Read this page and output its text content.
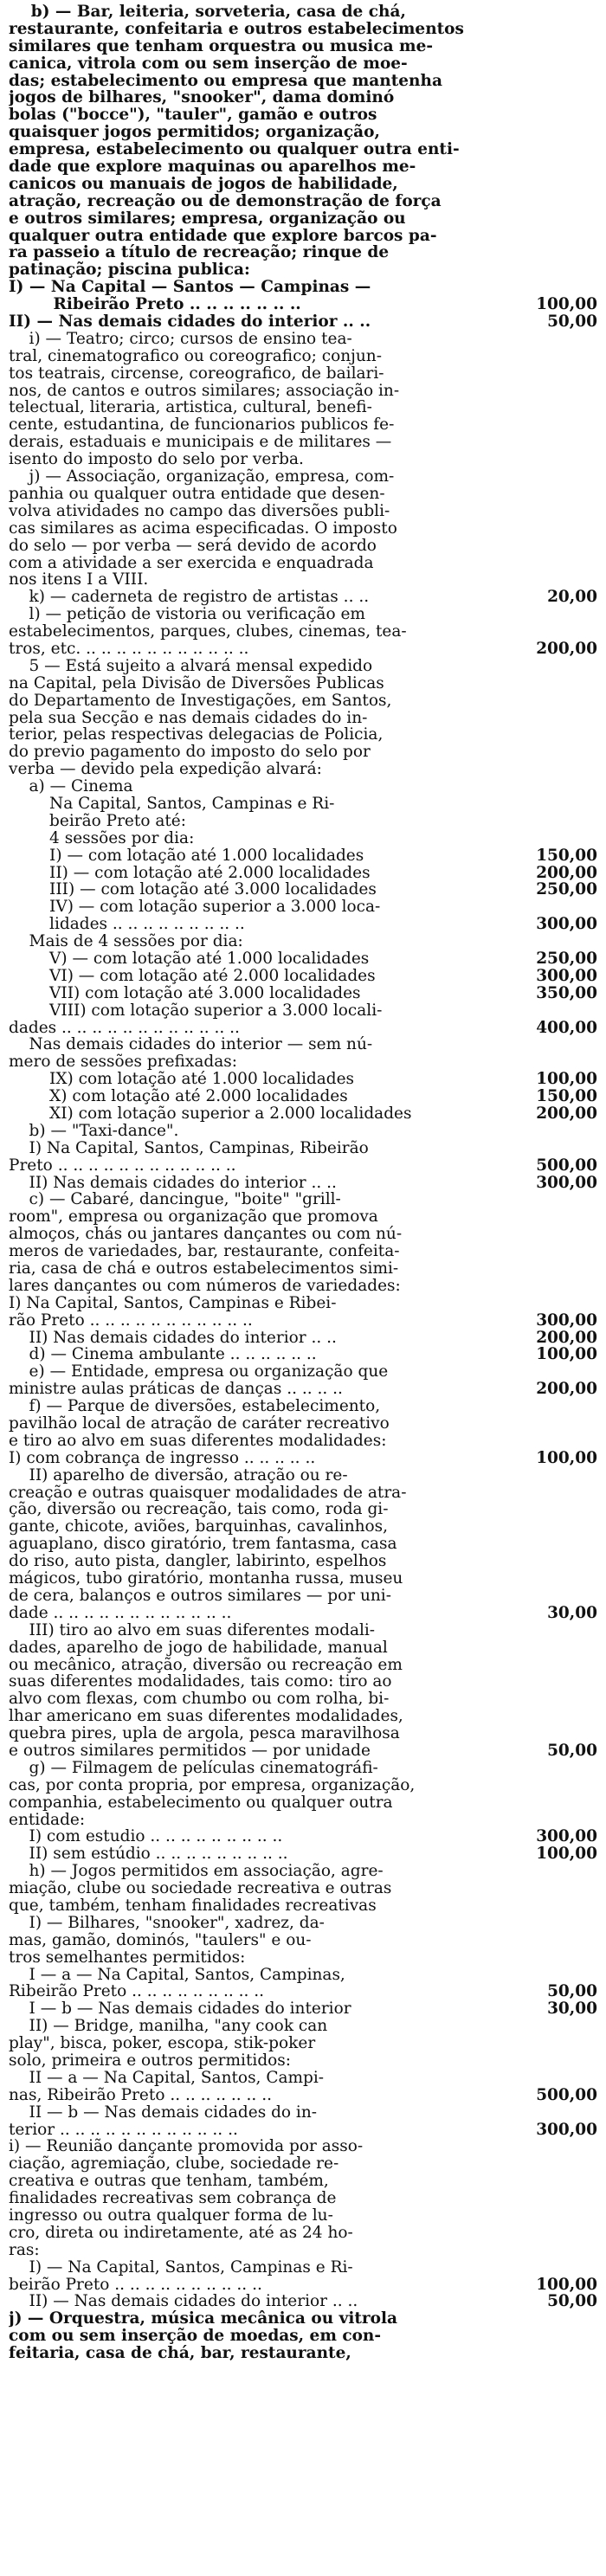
b) — Bar, leiteria, sorveteria, casa de chá,
restaurante, confeitaria e outros estabelecimentos
similares que tenham orquestra ou musica me-
canica, vitrola com ou sem inserção de moe-
das; estabelecimento ou empresa que mantenha
jogos de bilhares, "snooker", dama dominó
bolas ("bocce"), "tauler", gamão e outros
quaisquer jogos permitidos; organização,
empresa, estabelecimento ou qualquer outra enti-
dade que explore maquinas ou aparelhos me-
canicos ou manuais de jogos de habilidade,
atração, recreação ou de demonstração de força
e outros similares; empresa, organização ou
qualquer outra entidade que explore barcos pa-
ra passeio a título de recreação; rinque de
patinação; piscina publica:
I) — Na Capital — Santos — Campinas —
Ribeirão Preto .. .. .. .. .. .. ..	100,00
II) — Nas demais cidades do interior .. ..	50,00
i) — Teatro; circo; cursos de ensino tea-
tral, cinematografico ou coreografico; conjun-
tos teatrais, circense, coreografico, de bailari-
nos, de cantos e outros similares; associação in-
telectual, literaria, artistica, cultural, benefi-
cente, estudantina, de funcionarios publicos fe-
derais, estaduais e municipais e de militares —
isento do imposto do selo por verba.
j) — Associação, organização, empresa, com-
panhia ou qualquer outra entidade que desen-
volva atividades no campo das diversões publi-
cas similares as acima especificadas. O imposto
do selo — por verba — será devido de acordo
com a atividade a ser exercida e enquadrada
nos itens I a VIII.
k) — caderneta de registro de artistas .. ..	20,00
l) — petição de vistoria ou verificação em
estabelecimentos, parques, clubes, cinemas, tea-
tros, etc. .. .. .. .. .. .. .. .. .. .. ..	200,00
5 — Está sujeito a alvará mensal expedido
na Capital, pela Divisão de Diversões Publicas
do Departamento de Investigações, em Santos,
pela sua Secção e nas demais cidades do in-
terior, pelas respectivas delegacias de Policia,
do previo pagamento do imposto do selo por
verba — devido pela expedição alvará:
a) — Cinema
Na Capital, Santos, Campinas e Ri-
beirão Preto até:
4 sessões por dia:
I) — com lotação até 1.000 localidades	150,00
II) — com lotação até 2.000 localidades	200,00
III) — com lotação até 3.000 localidades	250,00
IV) — com lotação superior a 3.000 loca-
lidades .. .. .. .. .. .. .. .. ..	300,00
Mais de 4 sessões por dia:
V) — com lotação até 1.000 localidades	250,00
VI) — com lotação até 2.000 localidades	300,00
VII) com lotação até 3.000 localidades	350,00
VIII) com lotação superior a 3.000 locali-
dades .. .. .. .. .. .. .. .. .. .. .. ..	400,00
Nas demais cidades do interior — sem nú-
mero de sessões prefixadas:
IX) com lotação até 1.000 localidades	100,00
X) com lotação até 2.000 localidades	150,00
XI) com lotação superior a 2.000 localidades	200,00
b) — "Taxi-dance".
I) Na Capital, Santos, Campinas, Ribeirão
Preto .. .. .. .. .. .. .. .. .. .. .. ..	500,00
II) Nas demais cidades do interior .. ..	300,00
c) — Cabaré, dancingue, "boite" "grill-
room", empresa ou organização que promova
almoços, chás ou jantares dançantes ou com nú-
meros de variedades, bar, restaurante, confeita-
ria, casa de chá e outros estabelecimentos simi-
lares dançantes ou com números de variedades:
I) Na Capital, Santos, Campinas e Ribei-
rão Preto .. .. .. .. .. .. .. .. .. .. ..	300,00
II) Nas demais cidades do interior .. ..	200,00
d) — Cinema ambulante .. .. .. .. .. ..	100,00
e) — Entidade, empresa ou organização que
ministre aulas práticas de danças .. .. .. ..	200,00
f) — Parque de diversões, estabelecimento,
pavilhão local de atração de caráter recreativo
e tiro ao alvo em suas diferentes modalidades:
I) com cobrança de ingresso .. .. .. .. ..	100,00
II) aparelho de diversão, atração ou re-
creação e outras quaisquer modalidades de atra-
ção, diversão ou recreação, tais como, roda gi-
gante, chicote, aviões, barquinhas, cavalinhos,
aguaplano, disco giratório, trem fantasma, casa
do riso, auto pista, dangler, labirinto, espelhos
mágicos, tubo giratório, montanha russa, museu
de cera, balanços e outros similares — por uni-
dade .. .. .. .. .. .. .. .. .. .. .. ..	30,00
III) tiro ao alvo em suas diferentes modali-
dades, aparelho de jogo de habilidade, manual
ou mecânico, atração, diversão ou recreação em
suas diferentes modalidades, tais como: tiro ao
alvo com flexas, com chumbo ou com rolha, bi-
lhar americano em suas diferentes modalidades,
quebra pires, upla de argola, pesca maravilhosa
e outros similares permitidos — por unidade	50,00
g) — Filmagem de películas cinematográfi-
cas, por conta propria, por empresa, organização,
companhia, estabelecimento ou qualquer outra
entidade:
I) com estudio .. .. .. .. .. .. .. .. ..	300,00
II) sem estúdio .. .. .. .. .. .. .. .. ..	100,00
h) — Jogos permitidos em associação, agre-
miação, clube ou sociedade recreativa e outras
que, também, tenham finalidades recreativas
I) — Bilhares, "snooker", xadrez, da-
mas, gamão, dominós, "taulers" e ou-
tros semelhantes permitidos:
I — a — Na Capital, Santos, Campinas,
Ribeirão Preto .. .. .. .. .. .. .. .. ..	50,00
I — b — Nas demais cidades do interior	30,00
II) — Bridge, manilha, "any cook can
play", bisca, poker, escopa, stik-poker
solo, primeira e outros permitidos:
II — a — Na Capital, Santos, Campi-
nas, Ribeirão Preto .. .. .. .. .. .. ..	500,00
II — b — Nas demais cidades do in-
terior .. .. .. .. .. .. .. .. .. .. .. ..	300,00
i) — Reunião dançante promovida por asso-
ciação, agremiação, clube, sociedade re-
creativa e outras que tenham, também,
finalidades recreativas sem cobrança de
ingresso ou outra qualquer forma de lu-
cro, direta ou indiretamente, até as 24 ho-
ras:
I) — Na Capital, Santos, Campinas e Ri-
beirão Preto .. .. .. .. .. .. .. .. .. ..	100,00
II) — Nas demais cidades do interior .. ..	50,00
j) — Orquestra, música mecânica ou vitrola
com ou sem inserção de moedas, em con-
feitaria, casa de chá, bar, restaurante,
